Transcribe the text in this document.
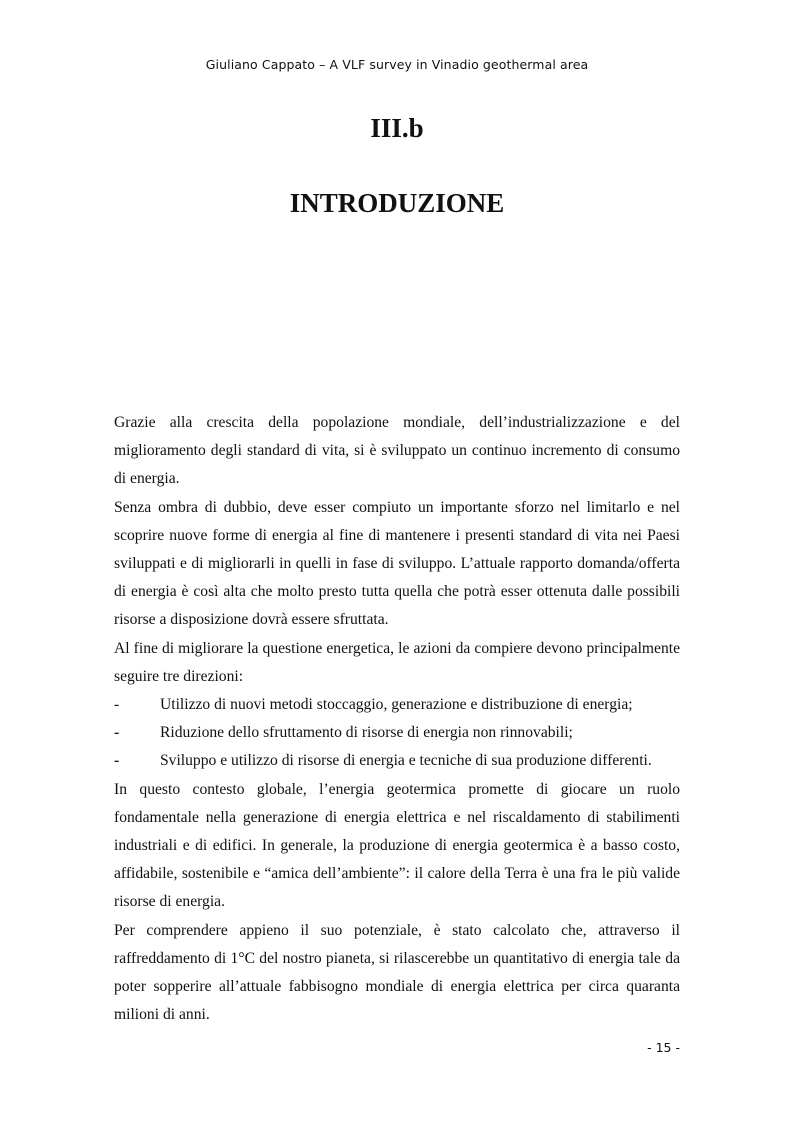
Giuliano Cappato – A VLF survey in Vinadio geothermal area
III.b
INTRODUZIONE

Grazie alla crescita della popolazione mondiale, dell’industrializzazione e del miglioramento degli standard di vita, si è sviluppato un continuo incremento di consumo di energia.

Senza ombra di dubbio, deve esser compiuto un importante sforzo nel limitarlo e nel scoprire nuove forme di energia al fine di mantenere i presenti standard di vita nei Paesi sviluppati e di migliorarli in quelli in fase di sviluppo. L’attuale rapporto domanda/offerta di energia è così alta che molto presto tutta quella che potrà esser ottenuta dalle possibili risorse a disposizione dovrà essere sfruttata.

Al fine di migliorare la questione energetica, le azioni da compiere devono principalmente seguire tre direzioni:

-	Utilizzo di nuovi metodi stoccaggio, generazione e distribuzione di energia;
-	Riduzione dello sfruttamento di risorse di energia non rinnovabili;
-	Sviluppo e utilizzo di risorse di energia e tecniche di sua produzione differenti.

In questo contesto globale, l’energia geotermica promette di giocare un ruolo fondamentale nella generazione di energia elettrica e nel riscaldamento di stabilimenti industriali e di edifici. In generale, la produzione di energia geotermica è a basso costo, affidabile, sostenibile e “amica dell’ambiente”: il calore della Terra è una fra le più valide risorse di energia.

Per comprendere appieno il suo potenziale, è stato calcolato che, attraverso il raffreddamento di 1°C del nostro pianeta, si rilascerebbe un quantitativo di energia tale da poter sopperire all’attuale fabbisogno mondiale di energia elettrica per circa quaranta milioni di anni.

- 15 -
